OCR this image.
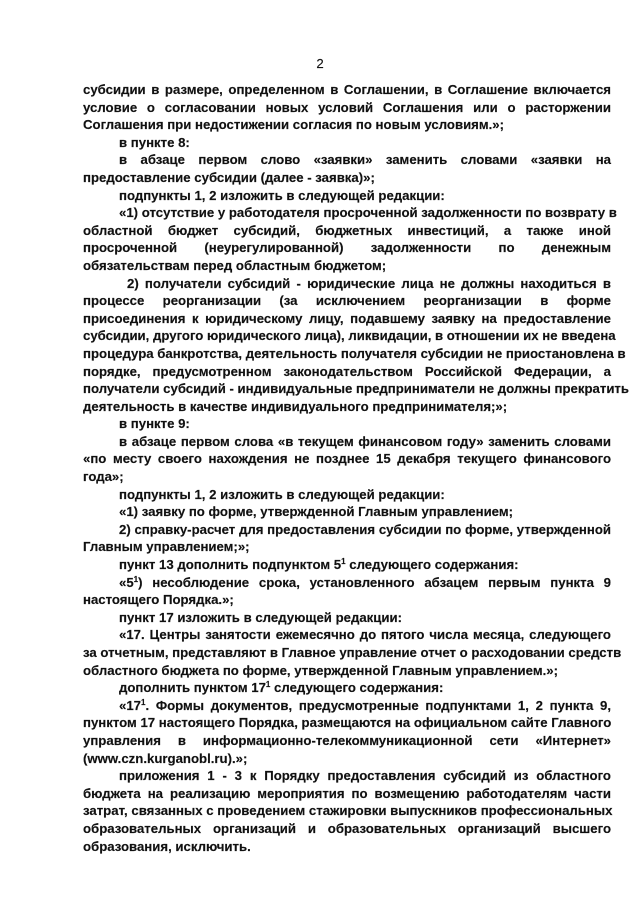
2
субсидии в размере, определенном в Соглашении, в Соглашение включается
условие о согласовании новых условий Соглашения или о расторжении
Соглашения при недостижении согласия по новым условиям.»;
в пункте 8:
в абзаце первом слово «заявки» заменить словами «заявки на
предоставление субсидии (далее - заявка)»;
подпункты 1, 2 изложить в следующей редакции:
«1) отсутствие у работодателя просроченной задолженности по возврату в
областной бюджет субсидий, бюджетных инвестиций, а также иной
просроченной (неурегулированной) задолженности по денежным
обязательствам перед областным бюджетом;
2) получатели субсидий - юридические лица не должны находиться в
процессе реорганизации (за исключением реорганизации в форме
присоединения к юридическому лицу, подавшему заявку на предоставление
субсидии, другого юридического лица), ликвидации, в отношении их не введена
процедура банкротства, деятельность получателя субсидии не приостановлена в
порядке, предусмотренном законодательством Российской Федерации, а
получатели субсидий - индивидуальные предприниматели не должны прекратить
деятельность в качестве индивидуального предпринимателя;»;
в пункте 9:
в абзаце первом слова «в текущем финансовом году» заменить словами
«по месту своего нахождения не позднее 15 декабря текущего финансового
года»;
подпункты 1, 2 изложить в следующей редакции:
«1) заявку по форме, утвержденной Главным управлением;
2) справку-расчет для предоставления субсидии по форме, утвержденной
Главным управлением;»;
пункт 13 дополнить подпунктом $5^1$ следующего содержания:
«$5^1$) несоблюдение срока, установленного абзацем первым пункта 9
настоящего Порядка.»;
пункт 17 изложить в следующей редакции:
«17. Центры занятости ежемесячно до пятого числа месяца, следующего
за отчетным, представляют в Главное управление отчет о расходовании средств
областного бюджета по форме, утвержденной Главным управлением.»;
дополнить пунктом $17^1$ следующего содержания:
«$17^1$. Формы документов, предусмотренные подпунктами 1, 2 пункта 9,
пунктом 17 настоящего Порядка, размещаются на официальном сайте Главного
управления в информационно-телекоммуникационной сети «Интернет»
(www.czn.kurganobl.ru).»;
приложения 1 - 3 к Порядку предоставления субсидий из областного
бюджета на реализацию мероприятия по возмещению работодателям части
затрат, связанных с проведением стажировки выпускников профессиональных
образовательных организаций и образовательных организаций высшего
образования, исключить.
